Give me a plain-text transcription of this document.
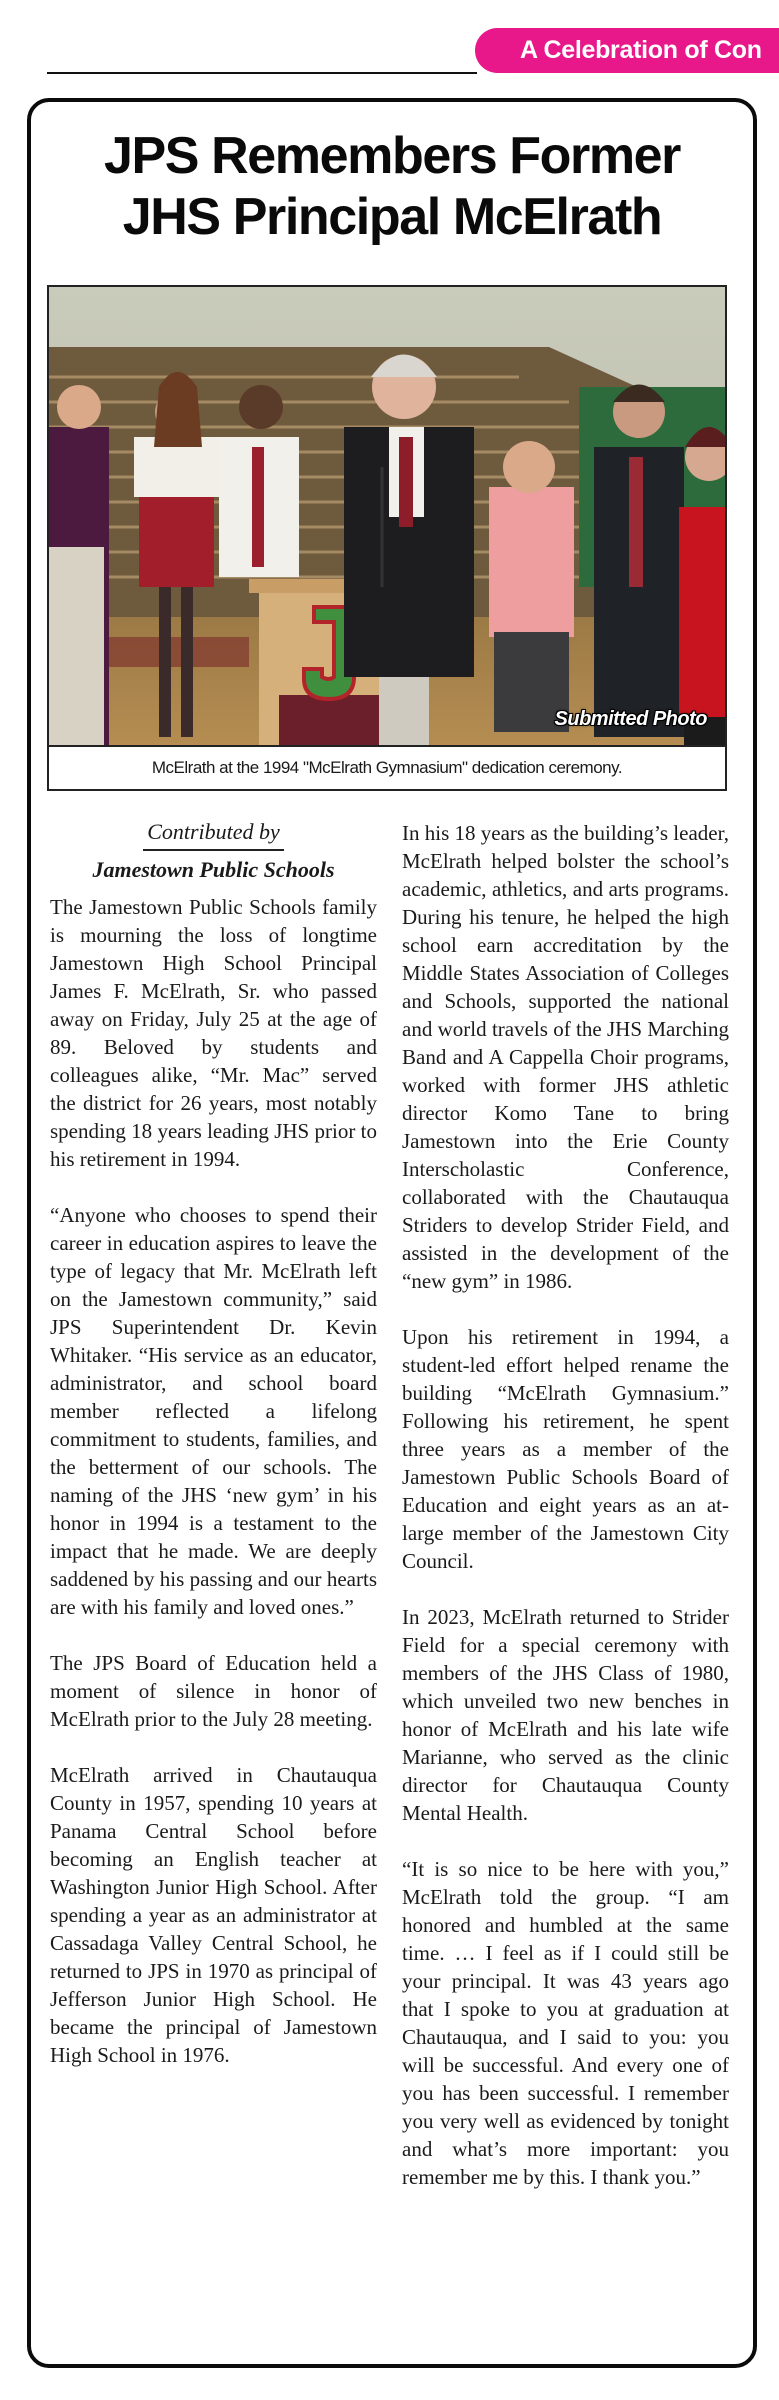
A Celebration of Con
JPS Remembers Former
JHS Principal McElrath
Submitted Photo
McElrath at the 1994 "McElrath Gymnasium" dedication ceremony.
Contributed by
Jamestown Public Schools

The Jamestown Public Schools family is mourning the loss of longtime Jamestown High School Principal James F. McElrath, Sr. who passed away on Friday, July 25 at the age of 89. Beloved by students and colleagues alike, “Mr. Mac” served the district for 26 years, most notably spending 18 years leading JHS prior to his retirement in 1994.

“Anyone who chooses to spend their career in education aspires to leave the type of legacy that Mr. McElrath left on the Jamestown community,” said JPS Superintendent Dr. Kevin Whitaker. “His service as an educator, administrator, and school board member reflected a lifelong commitment to students, families, and the betterment of our schools. The naming of the JHS ‘new gym’ in his honor in 1994 is a testament to the impact that he made. We are deeply saddened by his passing and our hearts are with his family and loved ones.”

The JPS Board of Education held a moment of silence in honor of McElrath prior to the July 28 meeting.

McElrath arrived in Chautauqua County in 1957, spending 10 years at Panama Central School before becoming an English teacher at Washington Junior High School. After spending a year as an administrator at Cassadaga Valley Central School, he returned to JPS in 1970 as principal of Jefferson Junior High School. He became the principal of Jamestown High School in 1976.

In his 18 years as the building’s leader, McElrath helped bolster the school’s academic, athletics, and arts programs. During his tenure, he helped the high school earn accreditation by the Middle States Association of Colleges and Schools, supported the national and world travels of the JHS Marching Band and A Cappella Choir programs, worked with former JHS athletic director Komo Tane to bring Jamestown into the Erie County Interscholastic Conference, collaborated with the Chautauqua Striders to develop Strider Field, and assisted in the development of the “new gym” in 1986.

Upon his retirement in 1994, a student-led effort helped rename the building “McElrath Gymnasium.” Following his retirement, he spent three years as a member of the Jamestown Public Schools Board of Education and eight years as an at-large member of the Jamestown City Council.

In 2023, McElrath returned to Strider Field for a special ceremony with members of the JHS Class of 1980, which unveiled two new benches in honor of McElrath and his late wife Marianne, who served as the clinic director for Chautauqua County Mental Health.

“It is so nice to be here with you,” McElrath told the group. “I am honored and humbled at the same time. … I feel as if I could still be your principal. It was 43 years ago that I spoke to you at graduation at Chautauqua, and I said to you: you will be successful. And every one of you has been successful. I remember you very well as evidenced by tonight and what’s more important: you remember me by this. I thank you.”
